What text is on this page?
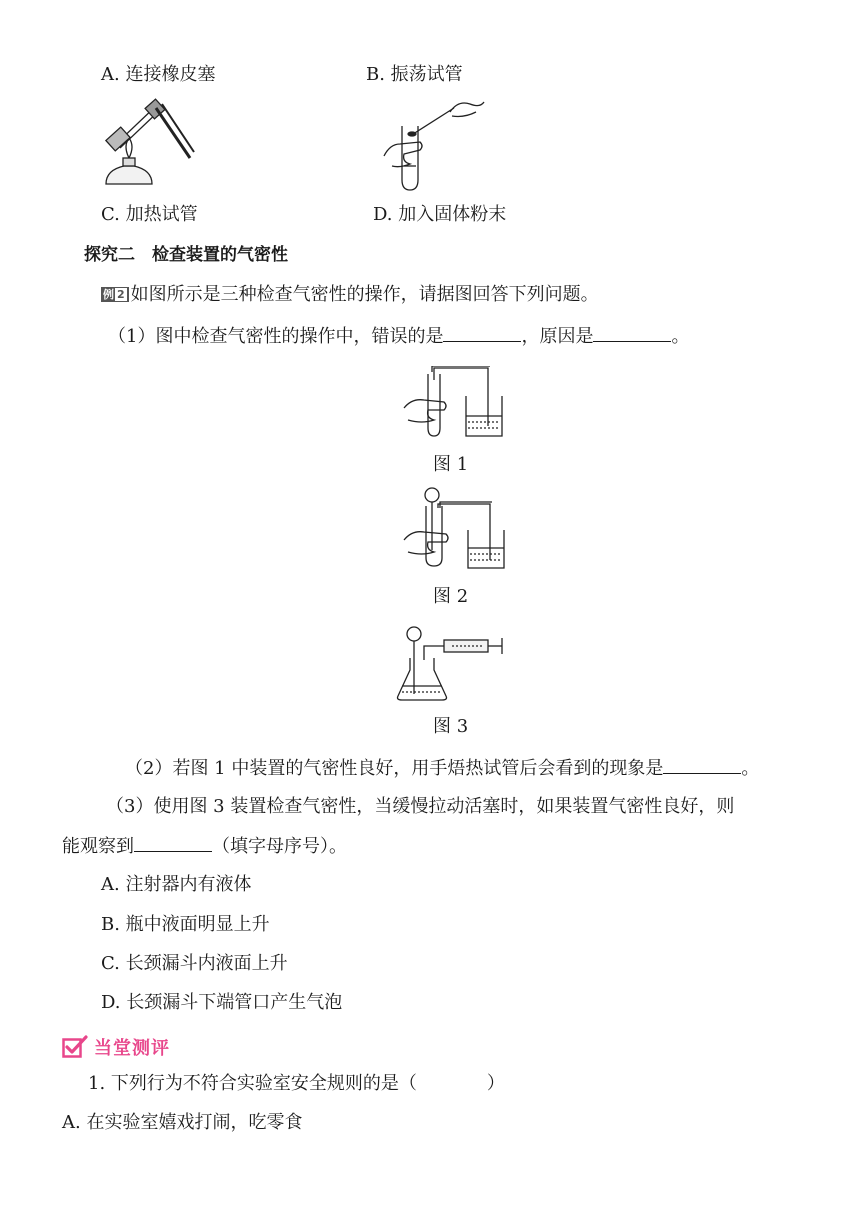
A. 连接橡皮塞	B. 振荡试管
C. 加热试管	D. 加入固体粉末
探究二　检查装置的气密性
例 2 如图所示是三种检查气密性的操作，请据图回答下列问题。
（1）图中检查气密性的操作中，错误的是	，原因是	。
图 1
图 2
图 3
（2）若图 1 中装置的气密性良好，用手焐热试管后会看到的现象是	。
（3）使用图 3 装置检查气密性，当缓慢拉动活塞时，如果装置气密性良好，则
能观察到	（填字母序号）。
A. 注射器内有液体
B. 瓶中液面明显上升
C. 长颈漏斗内液面上升
D. 长颈漏斗下端管口产生气泡
当堂测评
1. 下列行为不符合实验室安全规则的是（	）
A. 在实验室嬉戏打闹，吃零食
